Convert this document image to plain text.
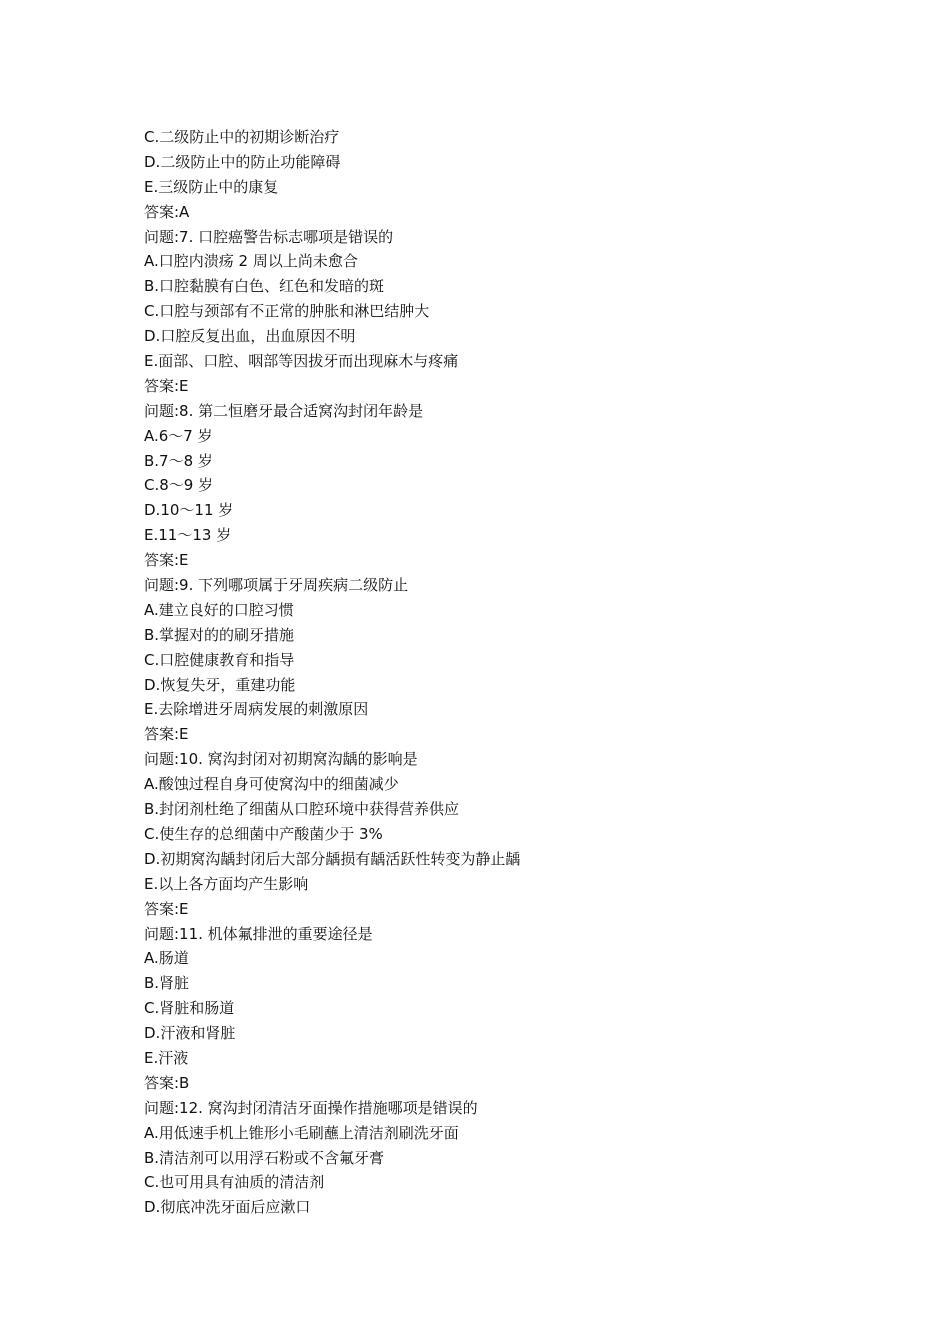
C.二级防止中的初期诊断治疗
D.二级防止中的防止功能障碍
E.三级防止中的康复
答案:A
问题:7. 口腔癌警告标志哪项是错误的
A.口腔内溃疡 2 周以上尚未愈合
B.口腔黏膜有白色、红色和发暗的斑
C.口腔与颈部有不正常的肿胀和淋巴结肿大
D.口腔反复出血，出血原因不明
E.面部、口腔、咽部等因拔牙而出现麻木与疼痛
答案:E
问题:8. 第二恒磨牙最合适窝沟封闭年龄是
A.6～7 岁
B.7～8 岁
C.8～9 岁
D.10～11 岁
E.11～13 岁
答案:E
问题:9. 下列哪项属于牙周疾病二级防止
A.建立良好的口腔习惯
B.掌握对的的刷牙措施
C.口腔健康教育和指导
D.恢复失牙，重建功能
E.去除增进牙周病发展的刺激原因
答案:E
问题:10. 窝沟封闭对初期窝沟龋的影响是
A.酸蚀过程自身可使窝沟中的细菌减少
B.封闭剂杜绝了细菌从口腔环境中获得营养供应
C.使生存的总细菌中产酸菌少于 3%
D.初期窝沟龋封闭后大部分龋损有龋活跃性转变为静止龋
E.以上各方面均产生影响
答案:E
问题:11. 机体氟排泄的重要途径是
A.肠道
B.肾脏
C.肾脏和肠道
D.汗液和肾脏
E.汗液
答案:B
问题:12. 窝沟封闭清洁牙面操作措施哪项是错误的
A.用低速手机上锥形小毛刷蘸上清洁剂刷洗牙面
B.清洁剂可以用浮石粉或不含氟牙膏
C.也可用具有油质的清洁剂
D.彻底冲洗牙面后应漱口
